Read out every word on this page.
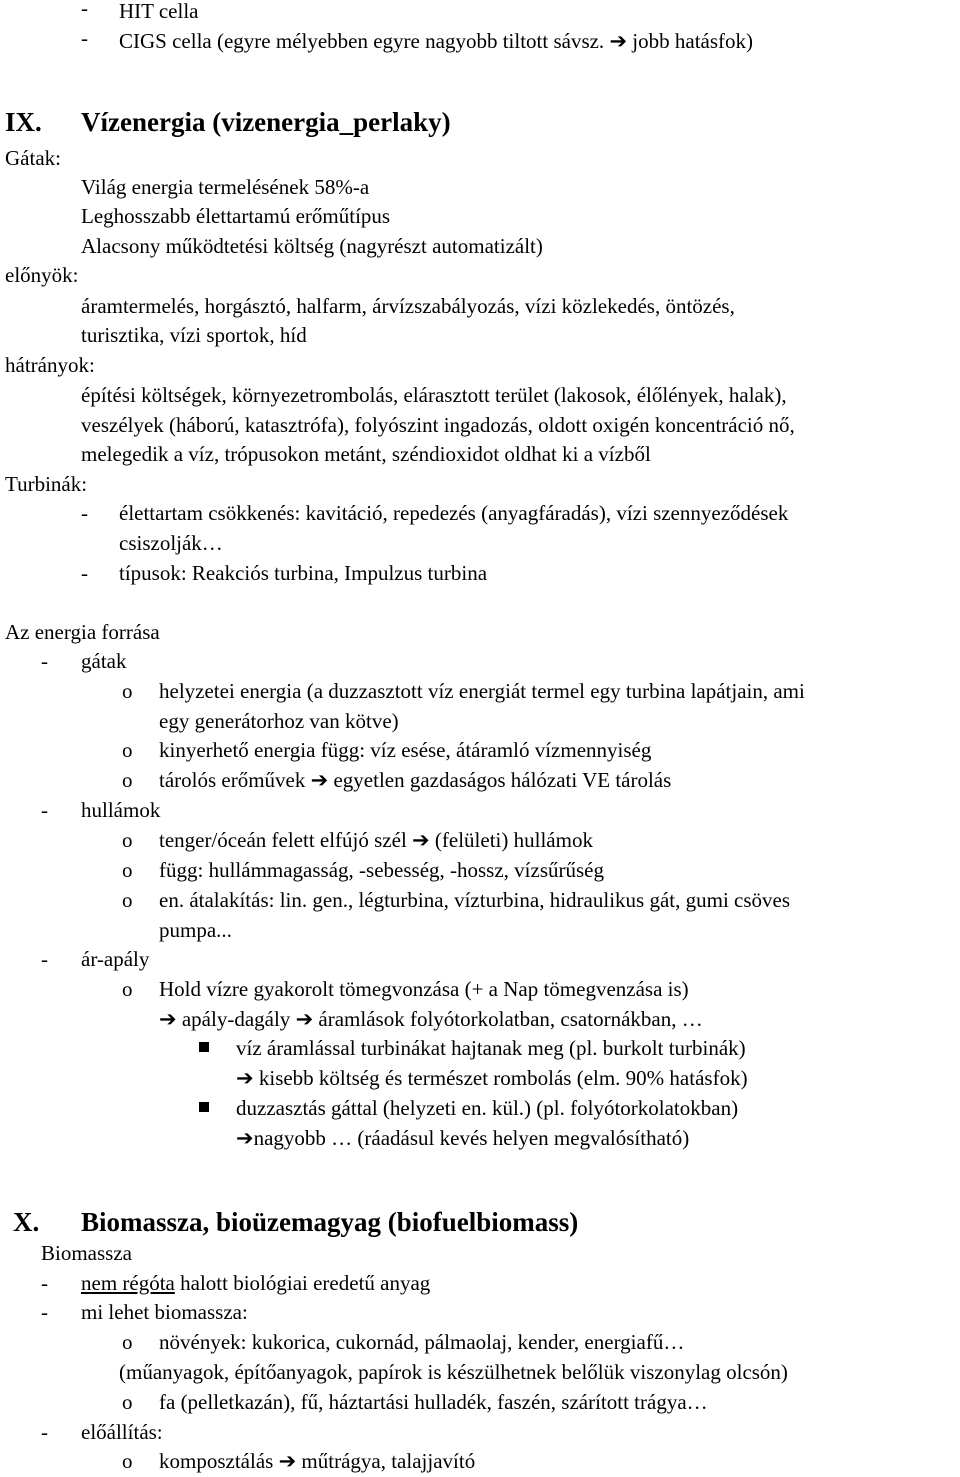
- HIT cella
- CIGS cella (egyre mélyebben egyre nagyobb tiltott sávsz. ➔ jobb hatásfok)
IX. Vízenergia (vizenergia_perlaky)
Gátak:
Világ energia termelésének 58%-a
Leghosszabb élettartamú erőműtípus
Alacsony működtetési költség (nagyrészt automatizált)
előnyök:
áramtermelés, horgásztó, halfarm, árvízszabályozás, vízi közlekedés, öntözés,
turisztika, vízi sportok, híd
hátrányok:
építési költségek, környezetrombolás, elárasztott terület (lakosok, élőlények, halak),
veszélyek (háború, katasztrófa), folyószint ingadozás, oldott oxigén koncentráció nő,
melegedik a víz, trópusokon metánt, széndioxidot oldhat ki a vízből
Turbinák:
- élettartam csökkenés: kavitáció, repedezés (anyagfáradás), vízi szennyeződések
csiszolják…
- típusok: Reakciós turbina, Impulzus turbina
Az energia forrása
- gátak
o helyzetei energia (a duzzasztott víz energiát termel egy turbina lapátjain, ami
egy generátorhoz van kötve)
o kinyerhető energia függ: víz esése, átáramló vízmennyiség
o tárolós erőművek ➔ egyetlen gazdaságos hálózati VE tárolás
- hullámok
o tenger/óceán felett elfújó szél ➔ (felületi) hullámok
o függ: hullámmagasság, -sebesség, -hossz, vízsűrűség
o en. átalakítás: lin. gen., légturbina, vízturbina, hidraulikus gát, gumi csöves
pumpa...
- ár-apály
o Hold vízre gyakorolt tömegvonzása (+ a Nap tömegvenzása is)
➔ apály-dagály ➔ áramlások folyótorkolatban, csatornákban, …
víz áramlással turbinákat hajtanak meg (pl. burkolt turbinák)
➔ kisebb költség és természet rombolás (elm. 90% hatásfok)
duzzasztás gáttal (helyzeti en. kül.) (pl. folyótorkolatokban)
➔nagyobb … (ráadásul kevés helyen megvalósítható)
X. Biomassza, bioüzemagyag (biofuelbiomass)
Biomassza
- nem régóta halott biológiai eredetű anyag
- mi lehet biomassza:
o növények: kukorica, cukornád, pálmaolaj, kender, energiafű…
(műanyagok, építőanyagok, papírok is készülhetnek belőlük viszonylag olcsón)
o fa (pelletkazán), fű, háztartási hulladék, faszén, szárított trágya…
- előállítás:
o komposztálás ➔ műtrágya, talajjavító
